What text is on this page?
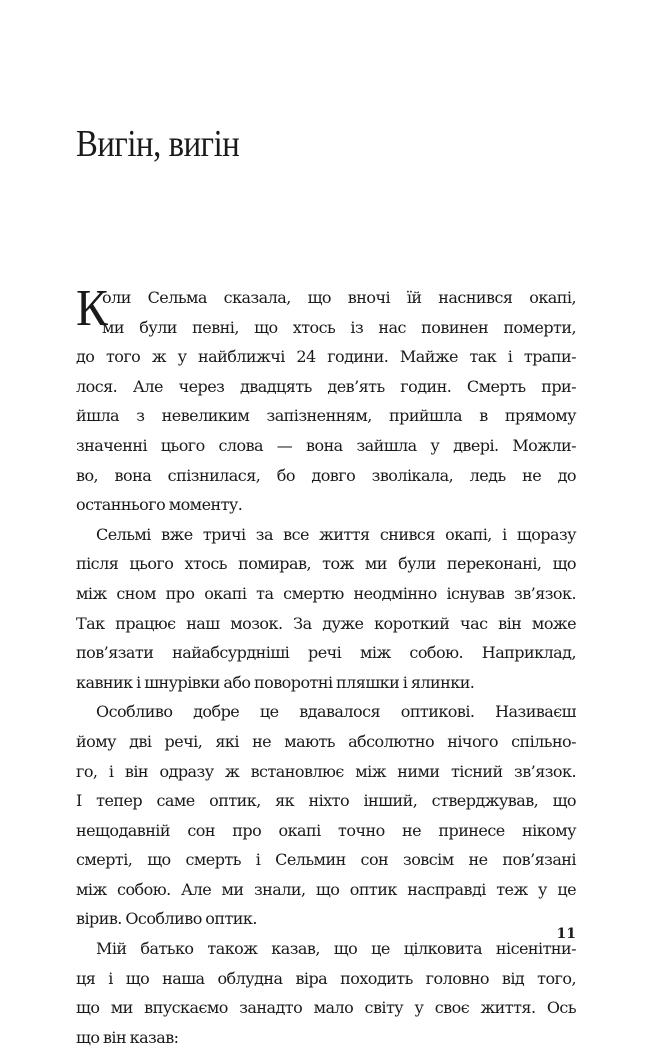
Вигін, вигін
К
оли Сельма сказала, що вночі їй наснився окапі,
ми були певні, що хтось із нас повинен померти,
до того ж у найближчі 24 години. Майже так і трапи-
лося. Але через двадцять дев’ять годин. Смерть при-
йшла з невеликим запізненням, прийшла в прямому
значенні цього слова — вона зайшла у двері. Можли-
во, вона спізнилася, бо довго зволікала, ледь не до
останнього моменту.
Сельмі вже тричі за все життя снився окапі, і щоразу
після цього хтось помирав, тож ми були переконані, що
між сном про окапі та смертю неодмінно існував зв’язок.
Так працює наш мозок. За дуже короткий час він може
пов’язати найабсурдніші речі між собою. Наприклад,
кавник і шнурівки або поворотні пляшки і ялинки.
Особливо добре це вдавалося оптикові. Називаєш
йому дві речі, які не мають абсолютно нічого спільно-
го, і він одразу ж встановлює між ними тісний зв’язок.
І тепер саме оптик, як ніхто інший, стверджував, що
нещодавній сон про окапі точно не принесе нікому
смерті, що смерть і Сельмин сон зовсім не пов’язані
між собою. Але ми знали, що оптик насправді теж у це
вірив. Особливо оптик.
Мій батько також казав, що це цілковита нісенітни-
ця і що наша облудна віра походить головно від того,
що ми впускаємо занадто мало світу у своє життя. Ось
що він казав:
11
